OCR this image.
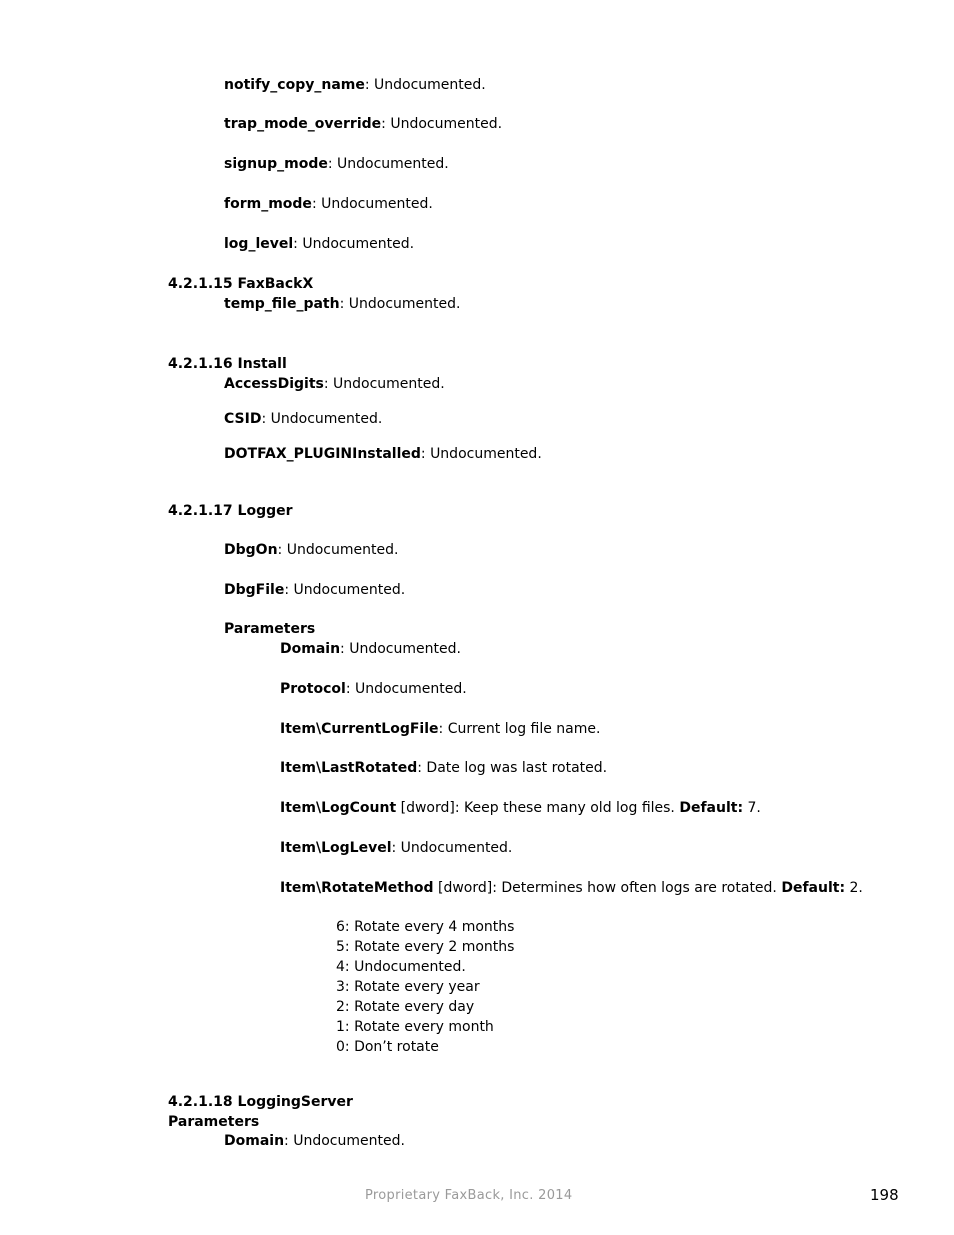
notify_copy_name: Undocumented.
trap_mode_override: Undocumented.
signup_mode: Undocumented.
form_mode: Undocumented.
log_level: Undocumented.
4.2.1.15 FaxBackX
temp_file_path: Undocumented.
4.2.1.16 Install
AccessDigits: Undocumented.
CSID: Undocumented.
DOTFAX_PLUGINInstalled: Undocumented.
4.2.1.17 Logger
DbgOn: Undocumented.
DbgFile: Undocumented.
Parameters
Domain: Undocumented.
Protocol: Undocumented.
Item\CurrentLogFile: Current log file name.
Item\LastRotated: Date log was last rotated.
Item\LogCount [dword]: Keep these many old log files. Default: 7.
Item\LogLevel: Undocumented.
Item\RotateMethod [dword]: Determines how often logs are rotated. Default: 2.
6: Rotate every 4 months
5: Rotate every 2 months
4: Undocumented.
3: Rotate every year
2: Rotate every day
1: Rotate every month
0: Don’t rotate
4.2.1.18 LoggingServer
Parameters
Domain: Undocumented.
Proprietary FaxBack, Inc. 2014	198
